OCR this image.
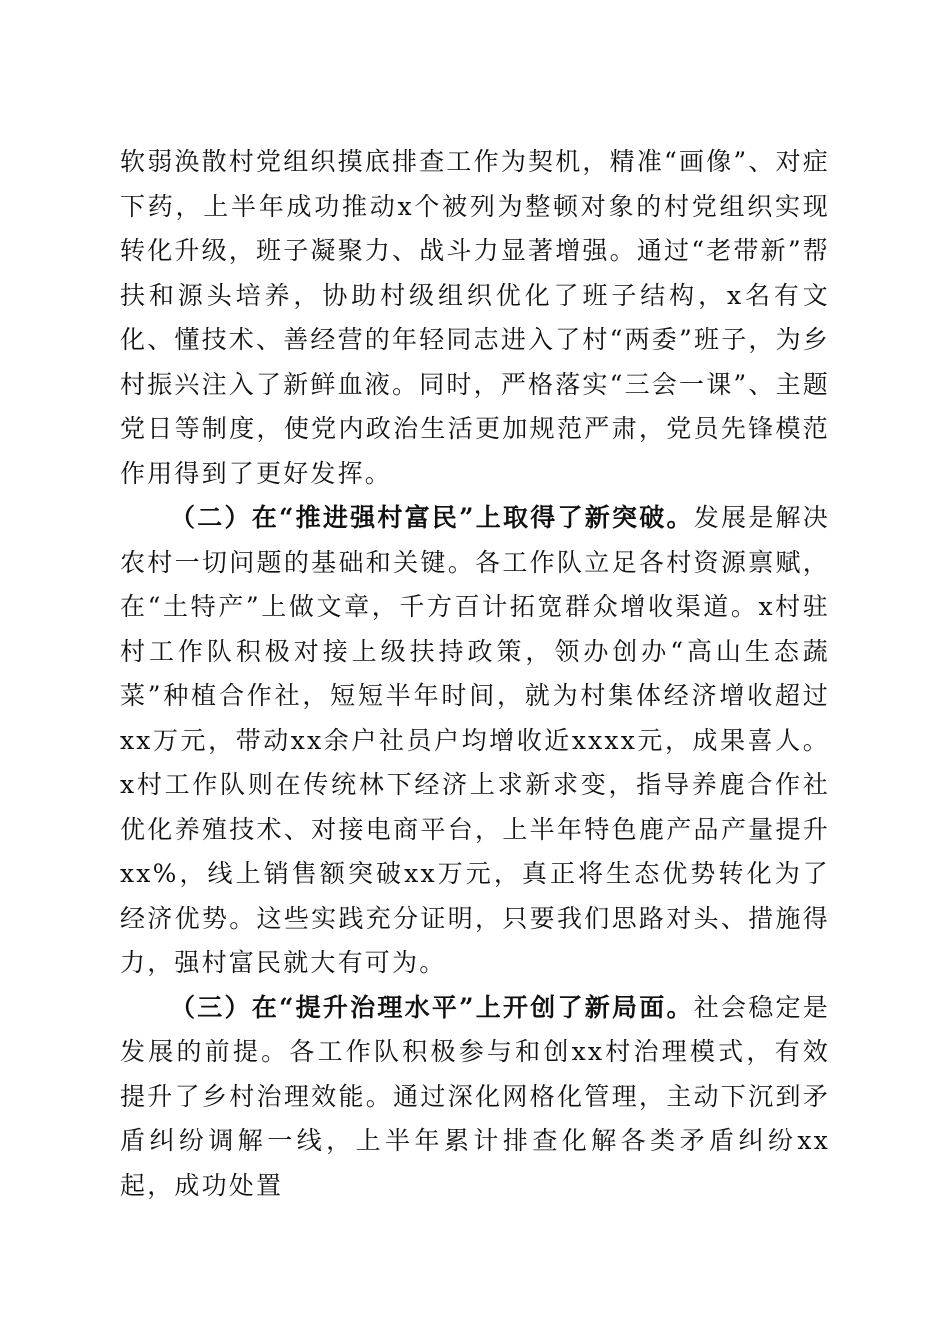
软弱涣散村党组织摸底排查工作为契机，精准“画像”、对症下药，上半年成功推动x个被列为整顿对象的村党组织实现转化升级，班子凝聚力、战斗力显著增强。通过“老带新”帮扶和源头培养，协助村级组织优化了班子结构，x名有文化、懂技术、善经营的年轻同志进入了村“两委”班子，为乡村振兴注入了新鲜血液。同时，严格落实“三会一课”、主题党日等制度，使党内政治生活更加规范严肃，党员先锋模范作用得到了更好发挥。

（二）在“推进强村富民”上取得了新突破。发展是解决农村一切问题的基础和关键。各工作队立足各村资源禀赋，在“土特产”上做文章，千方百计拓宽群众增收渠道。x村驻村工作队积极对接上级扶持政策，领办创办“高山生态蔬菜”种植合作社，短短半年时间，就为村集体经济增收超过xx万元，带动xx余户社员户均增收近xxxx元，成果喜人。x村工作队则在传统林下经济上求新求变，指导养鹿合作社优化养殖技术、对接电商平台，上半年特色鹿产品产量提升xx%，线上销售额突破xx万元，真正将生态优势转化为了经济优势。这些实践充分证明，只要我们思路对头、措施得力，强村富民就大有可为。

（三）在“提升治理水平”上开创了新局面。社会稳定是发展的前提。各工作队积极参与和创xx村治理模式，有效提升了乡村治理效能。通过深化网格化管理，主动下沉到矛盾纠纷调解一线，上半年累计排查化解各类矛盾纠纷xx起，成功处置
